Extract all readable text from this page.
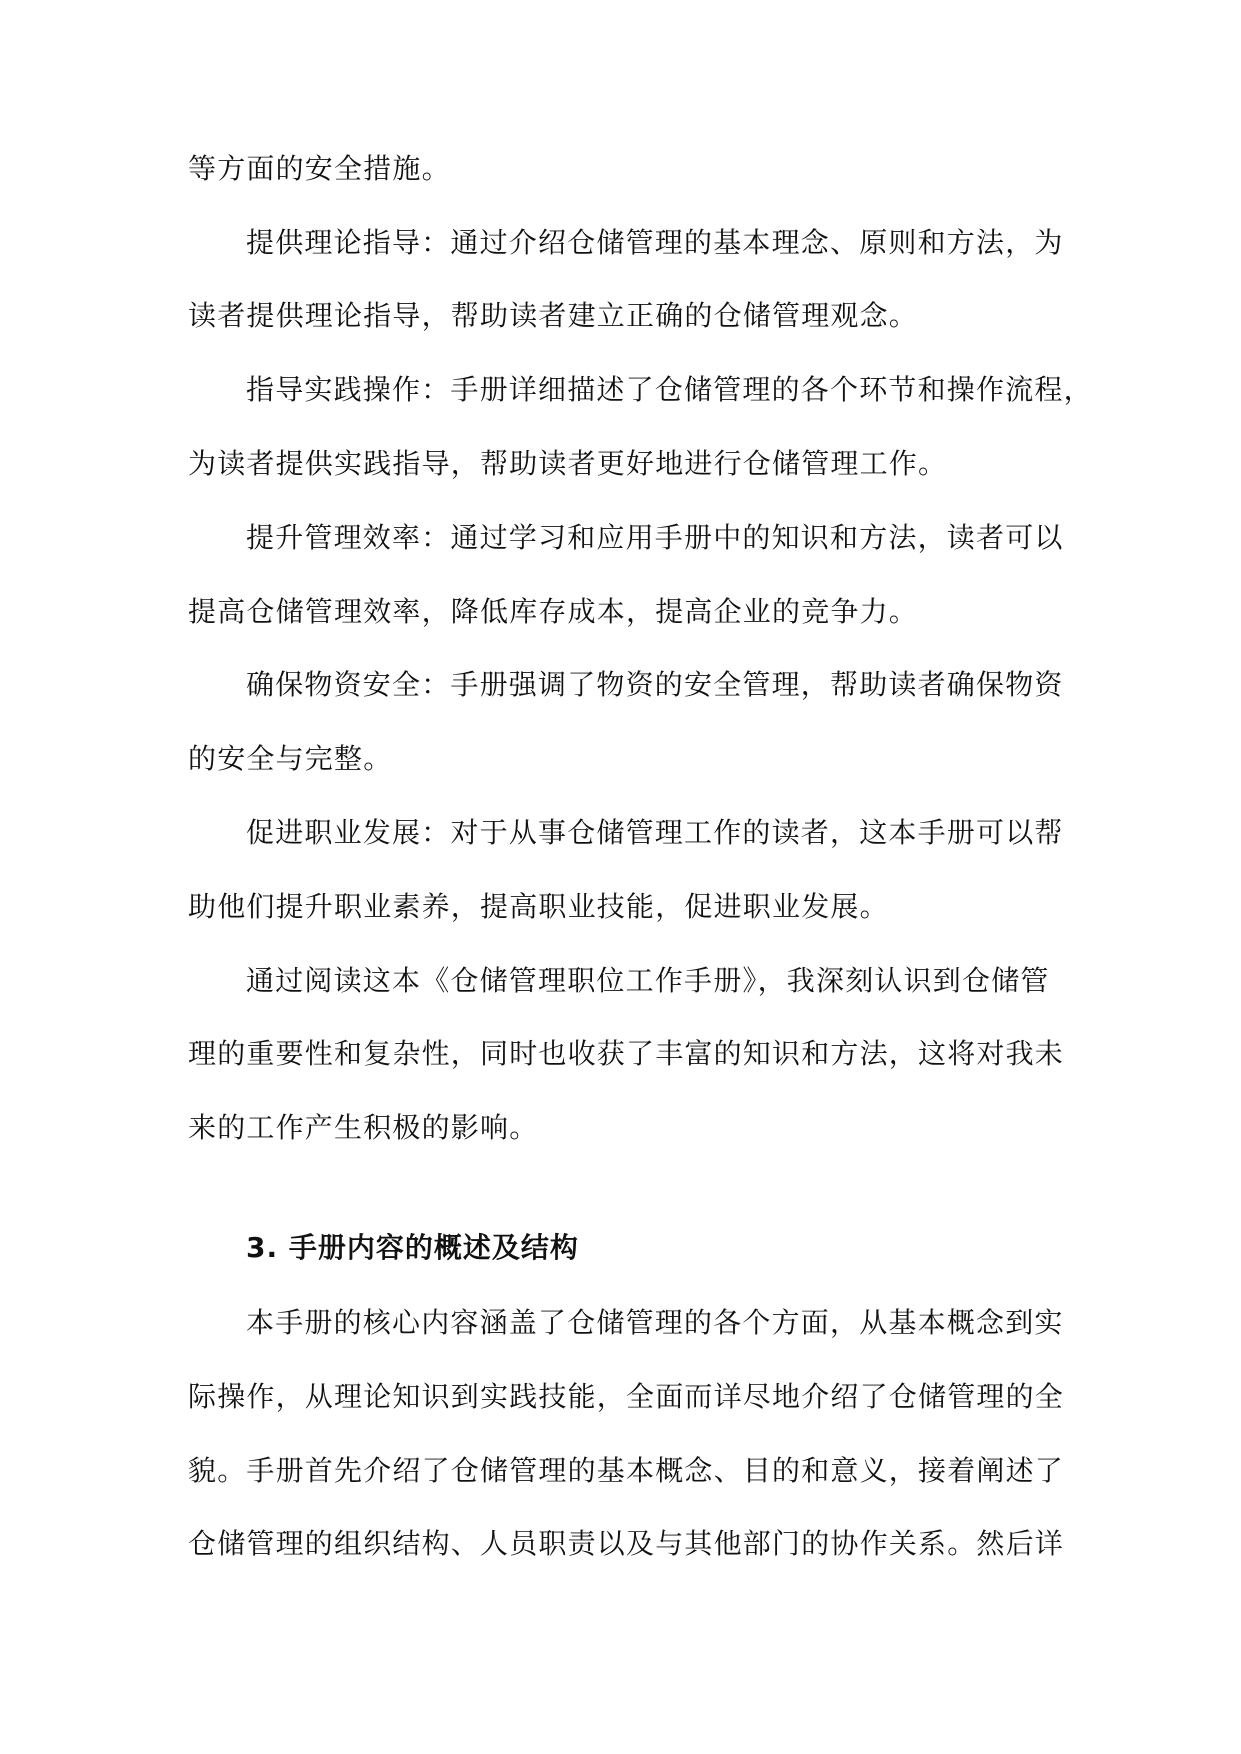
等方面的安全措施。
提供理论指导：通过介绍仓储管理的基本理念、原则和方法，为
读者提供理论指导，帮助读者建立正确的仓储管理观念。
指导实践操作：手册详细描述了仓储管理的各个环节和操作流程，
为读者提供实践指导，帮助读者更好地进行仓储管理工作。
提升管理效率：通过学习和应用手册中的知识和方法，读者可以
提高仓储管理效率，降低库存成本，提高企业的竞争力。
确保物资安全：手册强调了物资的安全管理，帮助读者确保物资
的安全与完整。
促进职业发展：对于从事仓储管理工作的读者，这本手册可以帮
助他们提升职业素养，提高职业技能，促进职业发展。
通过阅读这本《仓储管理职位工作手册》，我深刻认识到仓储管
理的重要性和复杂性，同时也收获了丰富的知识和方法，这将对我未
来的工作产生积极的影响。
3. 手册内容的概述及结构
本手册的核心内容涵盖了仓储管理的各个方面，从基本概念到实
际操作，从理论知识到实践技能，全面而详尽地介绍了仓储管理的全
貌。手册首先介绍了仓储管理的基本概念、目的和意义，接着阐述了
仓储管理的组织结构、人员职责以及与其他部门的协作关系。然后详
